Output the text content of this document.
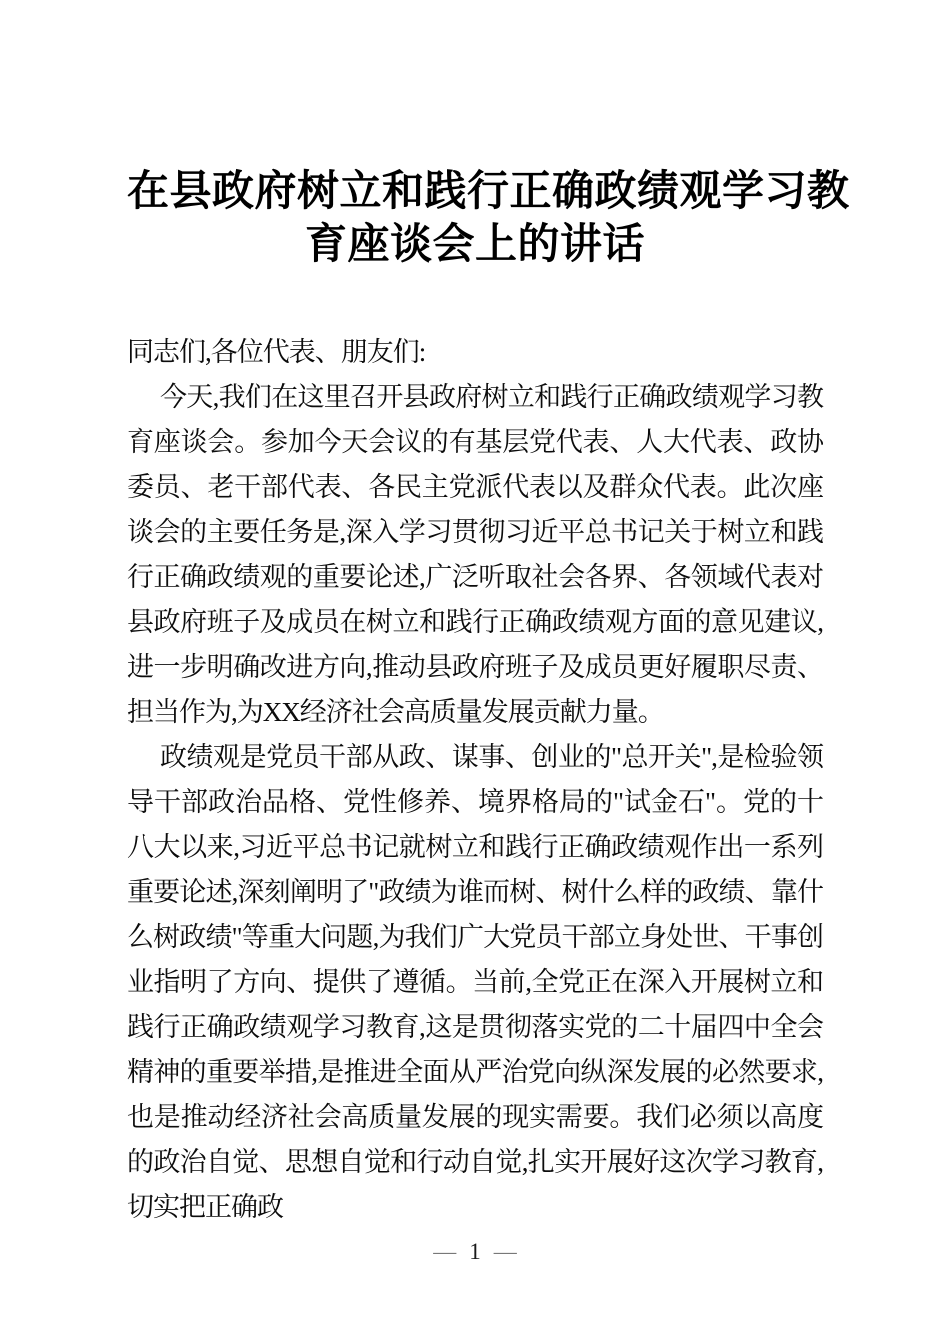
在县政府树立和践行正确政绩观学习教
育座谈会上的讲话

同志们,各位代表、朋友们:

今天,我们在这里召开县政府树立和践行正确政绩观学习教育座谈会。参加今天会议的有基层党代表、人大代表、政协委员、老干部代表、各民主党派代表以及群众代表。此次座谈会的主要任务是,深入学习贯彻习近平总书记关于树立和践行正确政绩观的重要论述,广泛听取社会各界、各领域代表对县政府班子及成员在树立和践行正确政绩观方面的意见建议,进一步明确改进方向,推动县政府班子及成员更好履职尽责、担当作为,为XX经济社会高质量发展贡献力量。

政绩观是党员干部从政、谋事、创业的"总开关",是检验领导干部政治品格、党性修养、境界格局的"试金石"。党的十八大以来,习近平总书记就树立和践行正确政绩观作出一系列重要论述,深刻阐明了"政绩为谁而树、树什么样的政绩、靠什么树政绩"等重大问题,为我们广大党员干部立身处世、干事创业指明了方向、提供了遵循。当前,全党正在深入开展树立和践行正确政绩观学习教育,这是贯彻落实党的二十届四中全会精神的重要举措,是推进全面从严治党向纵深发展的必然要求,也是推动经济社会高质量发展的现实需要。我们必须以高度的政治自觉、思想自觉和行动自觉,扎实开展好这次学习教育,切实把正确政

— 1 —
